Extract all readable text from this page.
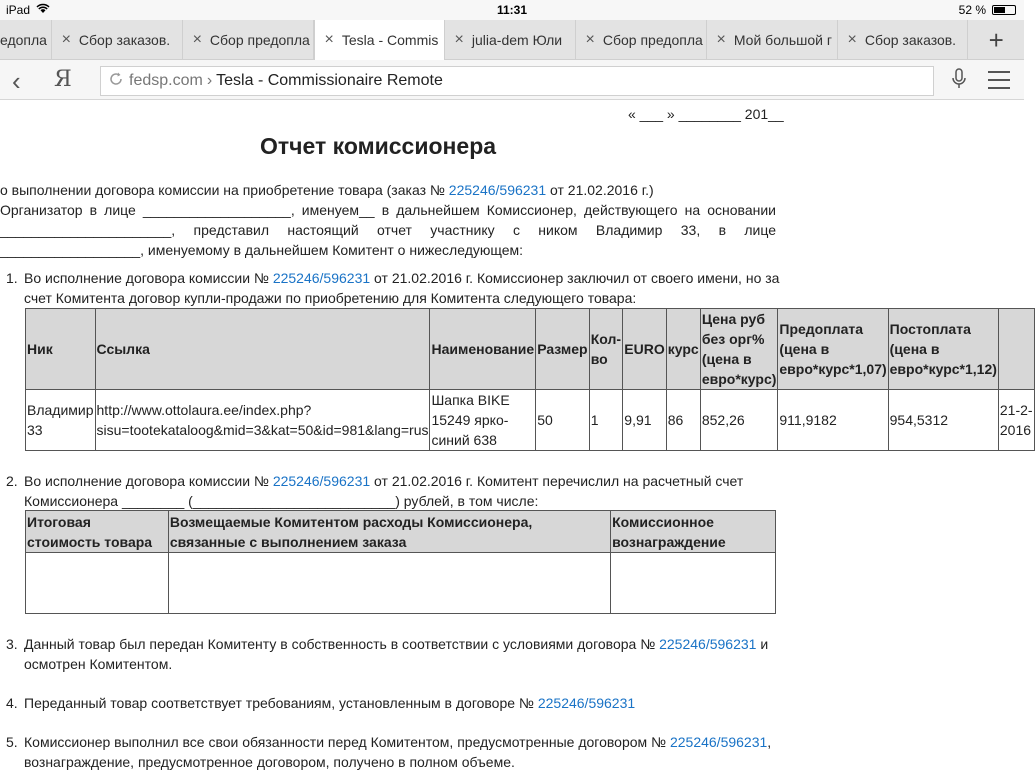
iPad	11:31	52 %
едопла × Сбор заказов. × Сбор предопла × Tesla - Commis × julia-dem Юли × Сбор предопла × Мой большой г × Сбор заказов.	+
‹ Я	fedsp.com › Tesla - Commissionaire Remote
« ___ » ________ 201__
Отчет комиссионера
о выполнении договора комиссии на приобретение товара (заказ № 225246/596231 от 21.02.2016 г.)
Организатор в лице ___________________, именуем__ в дальнейшем Комиссионер, действующего на основании ______________________, представил настоящий отчет участнику с ником Владимир 33, в лице __________________, именуемому в дальнейшем Комитент о нижеследующем:
1. Во исполнение договора комиссии № 225246/596231 от 21.02.2016 г. Комиссионер заключил от своего имени, но за счет Комитента договор купли-продажи по приобретению для Комитента следующего товара:
Ник	Ссылка	Наименование	Размер	Кол-во	EURO	курс	Цена руб без орг% (цена в евро*курс)	Предоплата (цена в евро*курс*1,07)	Постоплата (цена в евро*курс*1,12)	
Владимир 33	http://www.ottolaura.ee/index.php?sisu=tootekataloog&mid=3&kat=50&id=981&lang=rus	Шапка BIKE 15249 ярко-синий 638	50	1	9,91	86	852,26	911,9182	954,5312	21-2-2016
2. Во исполнение договора комиссии № 225246/596231 от 21.02.2016 г. Комитент перечислил на расчетный счет Комиссионера ________ (__________________________) рублей, в том числе:
Итоговая стоимость товара	Возмещаемые Комитентом расходы Комиссионера, связанные с выполнением заказа	Комиссионное вознаграждение

3. Данный товар был передан Комитенту в собственность в соответствии с условиями договора № 225246/596231 и осмотрен Комитентом.
4. Переданный товар соответствует требованиям, установленным в договоре № 225246/596231
5. Комиссионер выполнил все свои обязанности перед Комитентом, предусмотренные договором № 225246/596231, вознаграждение, предусмотренное договором, получено в полном объеме.
